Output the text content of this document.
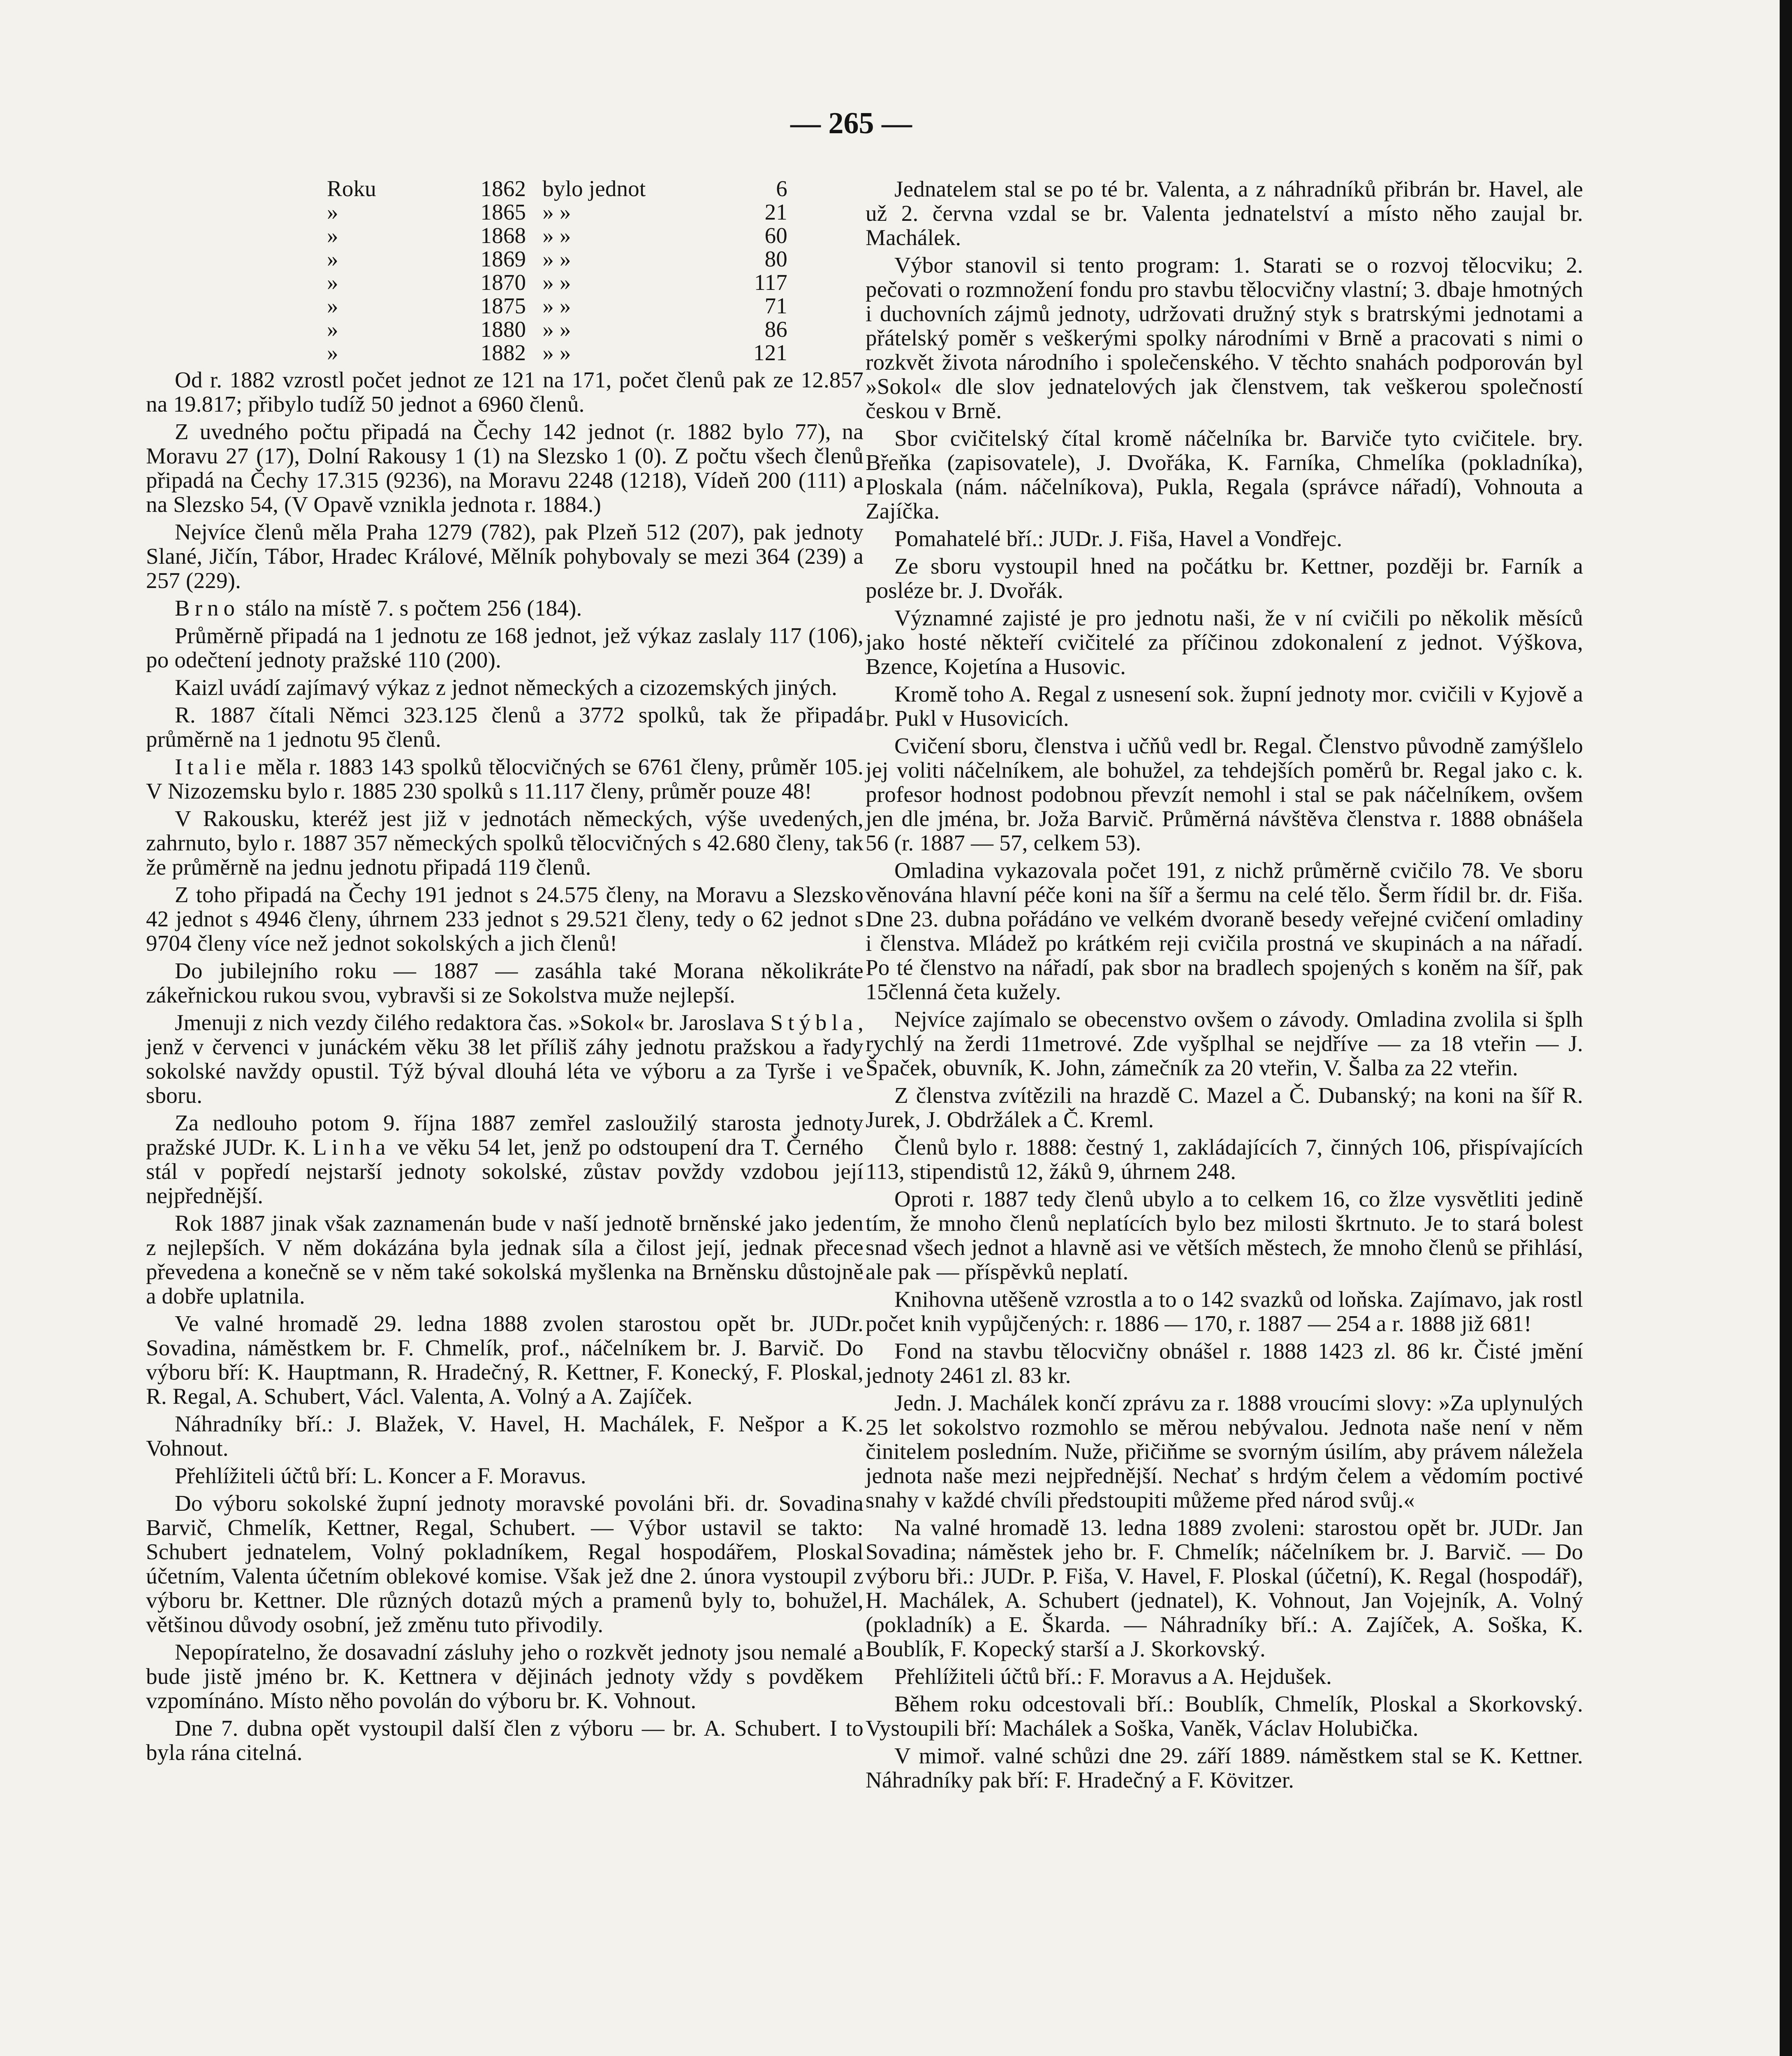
— 265 —
Roku	1862	bylo jednot	6
»	1865	» »	21
»	1868	» »	60
»	1869	» »	80
»	1870	» »	117
»	1875	» »	71
»	1880	» »	86
»	1882	» »	121

Od r. 1882 vzrostl počet jednot ze 121 na 171, počet členů pak ze 12.857 na 19.817; přibylo tudíž 50 jednot a 6960 členů.

Z uvedného počtu připadá na Čechy 142 jednot (r. 1882 bylo 77), na Moravu 27 (17), Dolní Rakousy 1 (1) na Slezsko 1 (0). Z počtu všech členů připadá na Čechy 17.315 (9236), na Moravu 2248 (1218), Vídeň 200 (111) a na Slezsko 54, (V Opavě vznikla jednota r. 1884.)

Nejvíce členů měla Praha 1279 (782), pak Plzeň 512 (207), pak jednoty Slané, Jičín, Tábor, Hradec Králové, Mělník pohybovaly se mezi 364 (239) a 257 (229).

Brno stálo na místě 7. s počtem 256 (184).

Průměrně připadá na 1 jednotu ze 168 jednot, jež výkaz zaslaly 117 (106), po odečtení jednoty pražské 110 (200).

Kaizl uvádí zajímavý výkaz z jednot německých a cizozemských jiných.

R. 1887 čítali Němci 323.125 členů a 3772 spolků, tak že připadá průměrně na 1 jednotu 95 členů.

Italie měla r. 1883 143 spolků tělocvičných se 6761 členy, průměr 105. V Nizozemsku bylo r. 1885 230 spolků s 11.117 členy, průměr pouze 48!

V Rakousku, kteréž jest již v jednotách německých, výše uvedených, zahrnuto, bylo r. 1887 357 německých spolků tělocvičných s 42.680 členy, tak že průměrně na jednu jednotu připadá 119 členů.

Z toho připadá na Čechy 191 jednot s 24.575 členy, na Moravu a Slezsko 42 jednot s 4946 členy, úhrnem 233 jednot s 29.521 členy, tedy o 62 jednot s 9704 členy více než jednot sokolských a jich členů!

Do jubilejního roku — 1887 — zasáhla také Morana několikráte zákeřnickou rukou svou, vybravši si ze Sokolstva muže nejlepší.

Jmenuji z nich vezdy čilého redaktora čas. »Sokol« br. Jaroslava Stýbla, jenž v červenci v junáckém věku 38 let příliš záhy jednotu pražskou a řady sokolské navždy opustil. Týž býval dlouhá léta ve výboru a za Tyrše i ve sboru.

Za nedlouho potom 9. října 1887 zemřel zasloužilý starosta jednoty pražské JUDr. K. Linha ve věku 54 let, jenž po odstoupení dra T. Černého stál v popředí nejstarší jednoty sokolské, zůstav povždy vzdobou její nejpřednější.

Rok 1887 jinak však zaznamenán bude v naší jednotě brněnské jako jeden z nejlepších. V něm dokázána byla jednak síla a čilost její, jednak přece převedena a konečně se v něm také sokolská myšlenka na Brněnsku důstojně a dobře uplatnila.

Ve valné hromadě 29. ledna 1888 zvolen starostou opět br. JUDr. Sovadina, náměstkem br. F. Chmelík, prof., náčelníkem br. J. Barvič. Do výboru bří: K. Hauptmann, R. Hradečný, R. Kettner, F. Konecký, F. Ploskal, R. Regal, A. Schubert, Václ. Valenta, A. Volný a A. Zajíček.

Náhradníky bří.: J. Blažek, V. Havel, H. Machálek, F. Nešpor a K. Vohnout.

Přehlížiteli účtů bří: L. Koncer a F. Moravus.

Do výboru sokolské župní jednoty moravské povoláni bři. dr. Sovadina Barvič, Chmelík, Kettner, Regal, Schubert. — Výbor ustavil se takto: Schubert jednatelem, Volný pokladníkem, Regal hospodářem, Ploskal účetním, Valenta účetním oblekové komise. Však jež dne 2. února vystoupil z výboru br. Kettner. Dle různých dotazů mých a pramenů byly to, bohužel, většinou důvody osobní, jež změnu tuto přivodily.

Nepopíratelno, že dosavadní zásluhy jeho o rozkvět jednoty jsou nemalé a bude jistě jméno br. K. Kettnera v dějinách jednoty vždy s povděkem vzpomínáno. Místo něho povolán do výboru br. K. Vohnout.

Dne 7. dubna opět vystoupil další člen z výboru — br. A. Schubert. I to byla rána citelná.

Jednatelem stal se po té br. Valenta, a z náhradníků přibrán br. Havel, ale už 2. června vzdal se br. Valenta jednatelství a místo něho zaujal br. Machálek.

Výbor stanovil si tento program: 1. Starati se o rozvoj tělocviku; 2. pečovati o rozmnožení fondu pro stavbu tělocvičny vlastní; 3. dbaje hmotných i duchovních zájmů jednoty, udržovati družný styk s bratrskými jednotami a přátelský poměr s veškerými spolky národními v Brně a pracovati s nimi o rozkvět života národního i společenského. V těchto snahách podporován byl »Sokol« dle slov jednatelových jak členstvem, tak veškerou společností českou v Brně.

Sbor cvičitelský čítal kromě náčelníka br. Barviče tyto cvičitele. bry. Břeňka (zapisovatele), J. Dvořáka, K. Farníka, Chmelíka (pokladníka), Ploskala (nám. náčelníkova), Pukla, Regala (správce nářadí), Vohnouta a Zajíčka.

Pomahatelé bří.: JUDr. J. Fiša, Havel a Vondřejc.

Ze sboru vystoupil hned na počátku br. Kettner, později br. Farník a posléze br. J. Dvořák.

Významné zajisté je pro jednotu naši, že v ní cvičili po několik měsíců jako hosté někteří cvičitelé za příčinou zdokonalení z jednot. Výškova, Bzence, Kojetína a Husovic.

Kromě toho A. Regal z usnesení sok. župní jednoty mor. cvičili v Kyjově a br. Pukl v Husovicích.

Cvičení sboru, členstva i učňů vedl br. Regal. Členstvo původně zamýšlelo jej voliti náčelníkem, ale bohužel, za tehdejších poměrů br. Regal jako c. k. profesor hodnost podobnou převzít nemohl i stal se pak náčelníkem, ovšem jen dle jména, br. Joža Barvič. Průměrná návštěva členstva r. 1888 obnášela 56 (r. 1887 — 57, celkem 53).

Omladina vykazovala počet 191, z nichž průměrně cvičilo 78. Ve sboru věnována hlavní péče koni na šíř a šermu na celé tělo. Šerm řídil br. dr. Fiša. Dne 23. dubna pořádáno ve velkém dvoraně besedy veřejné cvičení omladiny i členstva. Mládež po krátkém reji cvičila prostná ve skupinách a na nářadí. Po té členstvo na nářadí, pak sbor na bradlech spojených s koněm na šíř, pak 15členná četa kužely.

Nejvíce zajímalo se obecenstvo ovšem o závody. Omladina zvolila si šplh rychlý na žerdi 11metrové. Zde vyšplhal se nejdříve — za 18 vteřin — J. Špaček, obuvník, K. John, zámečník za 20 vteřin, V. Šalba za 22 vteřin.

Z členstva zvítězili na hrazdě C. Mazel a Č. Dubanský; na koni na šíř R. Jurek, J. Obdržálek a Č. Kreml.

Členů bylo r. 1888: čestný 1, zakládajících 7, činných 106, přispívajících 113, stipendistů 12, žáků 9, úhrnem 248.

Oproti r. 1887 tedy členů ubylo a to celkem 16, co žlze vysvětliti jedině tím, že mnoho členů neplatících bylo bez milosti škrtnuto. Je to stará bolest snad všech jednot a hlavně asi ve větších městech, že mnoho členů se přihlásí, ale pak — příspěvků neplatí.

Knihovna utěšeně vzrostla a to o 142 svazků od loňska. Zajímavo, jak rostl počet knih vypůjčených: r. 1886 — 170, r. 1887 — 254 a r. 1888 již 681!

Fond na stavbu tělocvičny obnášel r. 1888 1423 zl. 86 kr. Čisté jmění jednoty 2461 zl. 83 kr.

Jedn. J. Machálek končí zprávu za r. 1888 vroucími slovy: »Za uplynulých 25 let sokolstvo rozmohlo se měrou nebývalou. Jednota naše není v něm činitelem posledním. Nuže, přičiňme se svorným úsilím, aby právem náležela jednota naše mezi nejpřednější. Nechať s hrdým čelem a vědomím poctivé snahy v každé chvíli předstoupiti můžeme před národ svůj.«

Na valné hromadě 13. ledna 1889 zvoleni: starostou opět br. JUDr. Jan Sovadina; náměstek jeho br. F. Chmelík; náčelníkem br. J. Barvič. — Do výboru bři.: JUDr. P. Fiša, V. Havel, F. Ploskal (účetní), K. Regal (hospodář), H. Machálek, A. Schubert (jednatel), K. Vohnout, Jan Vojejník, A. Volný (pokladník) a E. Škarda. — Náhradníky bří.: A. Zajíček, A. Soška, K. Boublík, F. Kopecký starší a J. Skorkovský.

Přehlížiteli účtů bří.: F. Moravus a A. Hejdušek.

Během roku odcestovali bří.: Boublík, Chmelík, Ploskal a Skorkovský. Vystoupili bří: Machálek a Soška, Vaněk, Václav Holubička.

V mimoř. valné schůzi dne 29. září 1889. náměstkem stal se K. Kettner. Náhradníky pak bří: F. Hradečný a F. Kövitzer.
